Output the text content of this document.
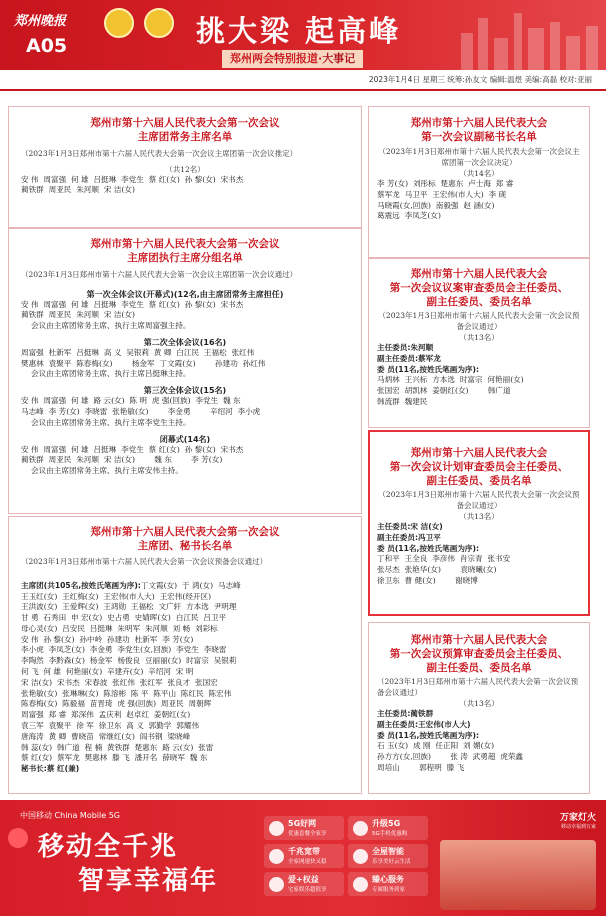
郑州晚报
A05	挑大梁 起高峰
郑州两会特别报道·大事记
2023年1月4日 星期三 统筹:孙友文 编辑:温煜 美编:高磊 校对:亚丽
郑州市第十六届人民代表大会第一次会议
主席团常务主席名单
（2023年1月3日郑州市第十六届人民代表大会第一次会议主席团第一次会议推定）
（共12名）
安 伟  周富强  何 雄  吕挺琳  李党生  蔡 红(女)  孙 黎(女)  宋书杰
蔺铁群  周亚民  朱河顺  宋 洁(女)
郑州市第十六届人民代表大会第一次会议
主席团执行主席分组名单
（2023年1月3日郑州市第十六届人民代表大会第一次会议主席团第一次会议通过）
第一次全体会议(开幕式)(12名,由主席团常务主席担任)
安 伟  周富强  何 雄  吕挺琳  李党生  蔡 红(女)  孙 黎(女)  宋书杰
蔺铁群  周亚民  朱河顺  宋 洁(女)
会议由主席团常务主席、执行主席周富强主持。
第二次全体会议(16名)
周富强  杜新军  吕挺琳  高 义  吴银莉  黄 卿  白江民  王福松  张红伟
樊惠林  袁聚平  陈春梅(女)        杨金军  丁文霞(女)        孙建功  孙红伟
会议由主席团常务主席、执行主席吕挺琳主持。
第三次全体会议(15名)
安 伟  周富强  何 雄  路 云(女)  陈 明  虎 强(回族)  李党生  魏 东
马志峰  李 芳(女)  李晓雷  张艳敏(女)        李金勇        辛绍河  李小虎
会议由主席团常务主席、执行主席李党生主持。
闭幕式(14名)
安 伟  周富强  何 雄  吕挺琳  李党生  蔡 红(女)  孙 黎(女)  宋书杰
蔺铁群  周亚民  朱河顺  宋 洁(女)        魏 东        李 芳(女)
会议由主席团常务主席、执行主席安伟主持。
郑州市第十六届人民代表大会第一次会议
主席团、秘书长名单
（2023年1月3日郑州市第十六届人民代表大会第一次会议预备会议通过）
主席团(共105名,按姓氏笔画为序):丁文霞(女)  于 鸿(女)  马志峰
王玉红(女)  王红梅(女)  王宏伟(市人大)  王宏伟(经开区)
王洪波(女)  王爱辉(女)  王鸿勋  王福松  文广轩  方本选  尹明理
甘 勇  石秀田  申 宏(女)  史占勇  史婧晖(女)  白江民  吕卫平
母心灵(女)  吕安民  吕挺琳  朱明军  朱河顺  刘 畅  刘彩标
安 伟  孙 黎(女)  孙中岭  孙建功  杜新军  李 芳(女)
李小虎  李凤芝(女)  李金勇  李党生(女,回族)  李党生  李晓雷
李陶然  李黔森(女)  杨金军  杨俊良  豆丽丽(女)  时富宗  吴银莉
何 飞  何 雄  何艳丽(女)  辛建卉(女)  辛绍河  宋 明
宋 洁(女)  宋书杰  宋春波  张红伟  张红军  张良才  张国宏
张艳敏(女)  张琳琳(女)  陈溶彬  陈 平  陈平山  陈红民  陈宏伟
陈春梅(女)  陈毅福  苗晋琦  虎 强(回族)  周亚民  周朝辉
周富强  郑 睿  郑深伟  孟庆利  赵卓红  姜朝红(女)
袁三军  袁聚平  徐 军  徐卫东  高 义  郭勤学  郭耀伟
唐海涛  黄 卿  曹晓苗  常继红(女)  阎书钢  梁晓峰
韩 蕊(女)  韩广道  程 楠  黄铁群  楚惠东  路 云(女)  张雷
蔡 红(女)  蔡军龙  樊惠林  滕 飞  潘开名  薛晓军  魏 东
秘书长:蔡 红(兼)
郑州市第十六届人民代表大会
第一次会议副秘书长名单
（2023年1月3日郑州市第十六届人民代表大会第一次会议主席团第一次会议决定）
（共14名）
李 芳(女)  刘彤标  楚惠东  卢士海  郑 睿
蔡军龙  马卫平  王宏伟(市人大)  李 砚
马晓霞(女,回族)  南毅强  赵 涵(女)
葛震远  李凤芝(女)
郑州市第十六届人民代表大会
第一次会议议案审查委员会主任委员、
副主任委员、委员名单
（2023年1月3日郑州市第十六届人民代表大会第一次会议预备会议通过）
（共13名）
主任委员:朱河顺
副主任委员:蔡军龙
委 员(11名,按姓氏笔画为序):
马炳林  王兴标  方本选  时富宗  何艳丽(女)
张国宏  胡凯林  姜朝红(女)        韩广道
韩流群  魏建民
郑州市第十六届人民代表大会
第一次会议计划审查委员会主任委员、
副主任委员、委员名单
（2023年1月3日郑州市第十六届人民代表大会第一次会议预备会议通过）
（共13名）
主任委员:宋 洁(女)
副主任委员:冯卫平
委 员(11名,按姓氏笔画为序):
丁和平  王全良  李彦伟  肖宗青  张书安
张尽杰  张艳华(女)        袁晓曦(女)
徐卫东  曹 健(女)        谢晓博
郑州市第十六届人民代表大会
第一次会议预算审查委员会主任委员、
副主任委员、委员名单
（2023年1月3日郑州市第十六届人民代表大会第一次会议预备会议通过）
（共13名）
主任委员:蔺铁群
副主任委员:王宏伟(市人大)
委 员(11名,按姓氏笔画为序):
石 玉(女)  成 刚  任正阳  刘 媚(女)
孙方方(女,回族)        张 涛  武勇超  虎荣鑫
周培山        郭程明  滕 飞
中国移动 China Mobile 5G
移动全千兆
智享幸福年
5G好网
优惠套餐全家享
升级5G
5G手机优惠购
千兆宽带
全家网速快又稳
全屋智能
乐享美好云生活
爱+权益
宅家娱乐超值享
臻心服务
专属服务到家
万家灯火
移动幸福到万家
